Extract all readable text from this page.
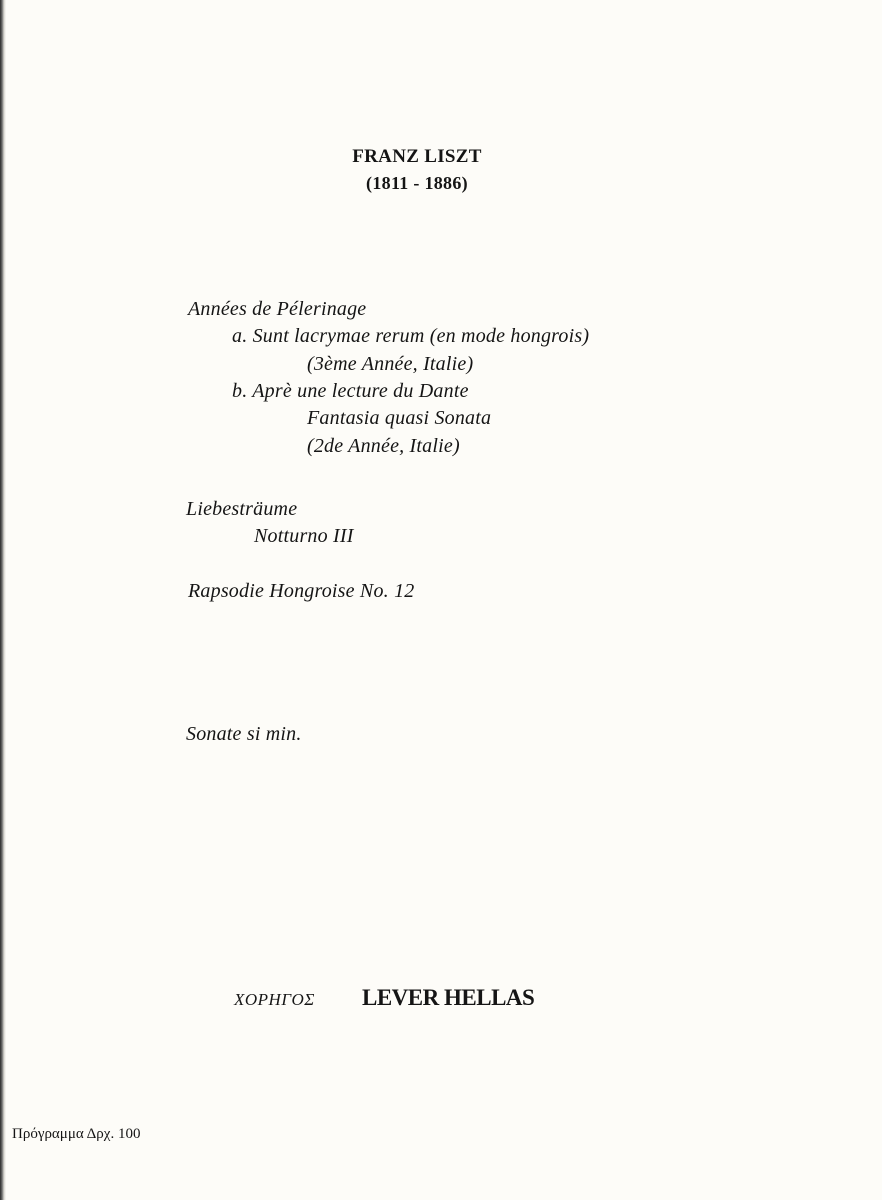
FRANZ LISZT
(1811 - 1886)
Années de Pélerinage
a. Sunt lacrymae rerum (en mode hongrois)
(3ème Année, Italie)
b. Aprè une lecture du Dante
Fantasia quasi Sonata
(2de Année, Italie)
Liebesträume
Notturno III
Rapsodie Hongroise No. 12
Sonate si min.
ΧΟΡΗΓΟΣ LEVER HELLAS
Πρόγραμμα Δρχ. 100
